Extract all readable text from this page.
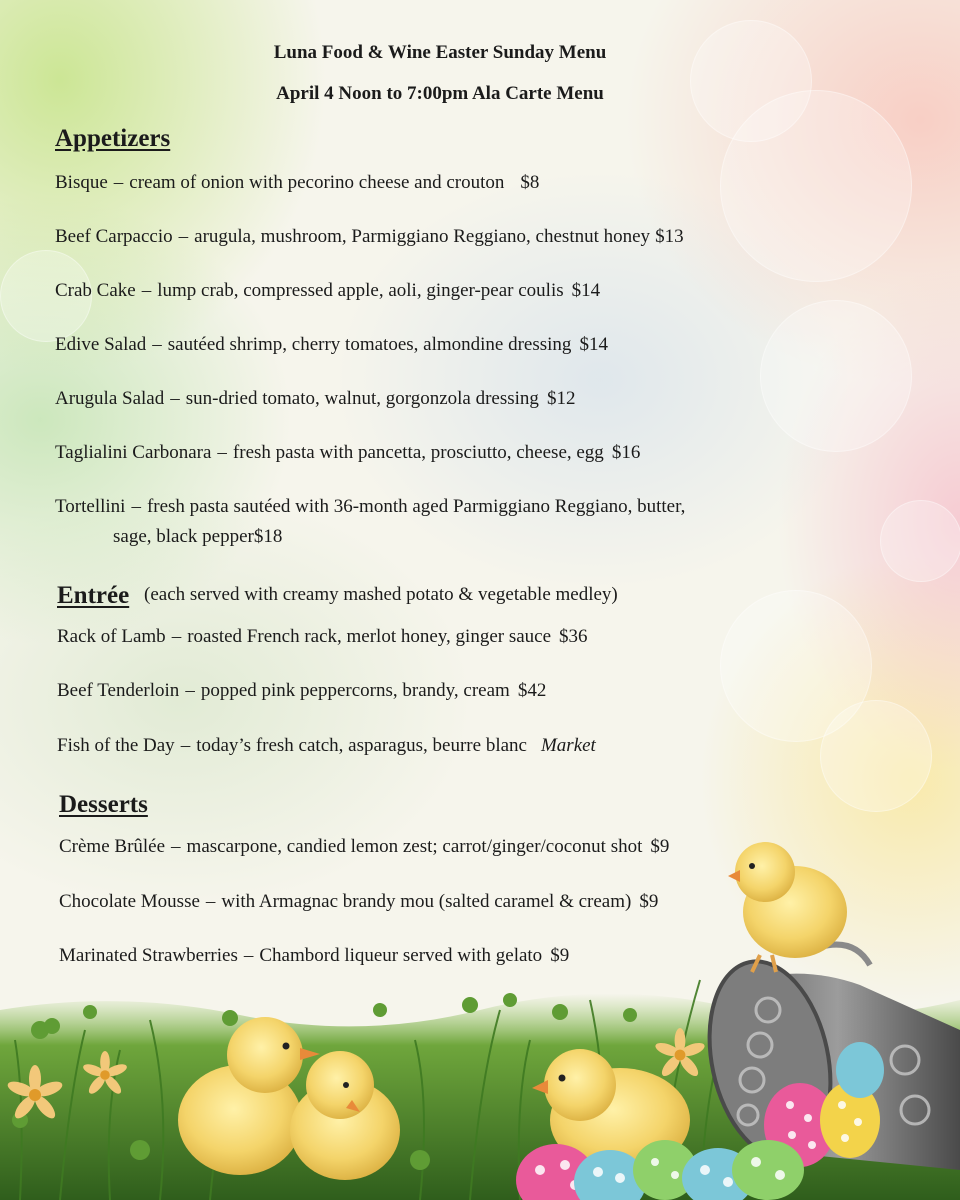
Luna Food & Wine Easter Sunday Menu
April 4 Noon to 7:00pm Ala Carte Menu
Appetizers
Bisque – cream of onion with pecorino cheese and crouton $8
Beef Carpaccio – arugula, mushroom, Parmiggiano Reggiano, chestnut honey $13
Crab Cake – lump crab, compressed apple, aoli, ginger-pear coulis $14
Edive Salad – sautéed shrimp, cherry tomatoes, almondine dressing $14
Arugula Salad – sun-dried tomato, walnut, gorgonzola dressing $12
Taglialini Carbonara – fresh pasta with pancetta, prosciutto, cheese, egg $16
Tortellini – fresh pasta sautéed with 36-month aged Parmiggiano Reggiano, butter,
sage, black pepper$18
Entrée (each served with creamy mashed potato & vegetable medley)
Rack of Lamb – roasted French rack, merlot honey, ginger sauce $36
Beef Tenderloin – popped pink peppercorns, brandy, cream $42
Fish of the Day – today’s fresh catch, asparagus, beurre blanc Market
Desserts
Crème Brûlée – mascarpone, candied lemon zest; carrot/ginger/coconut shot $9
Chocolate Mousse – with Armagnac brandy mou (salted caramel & cream) $9
Marinated Strawberries – Chambord liqueur served with gelato $9
